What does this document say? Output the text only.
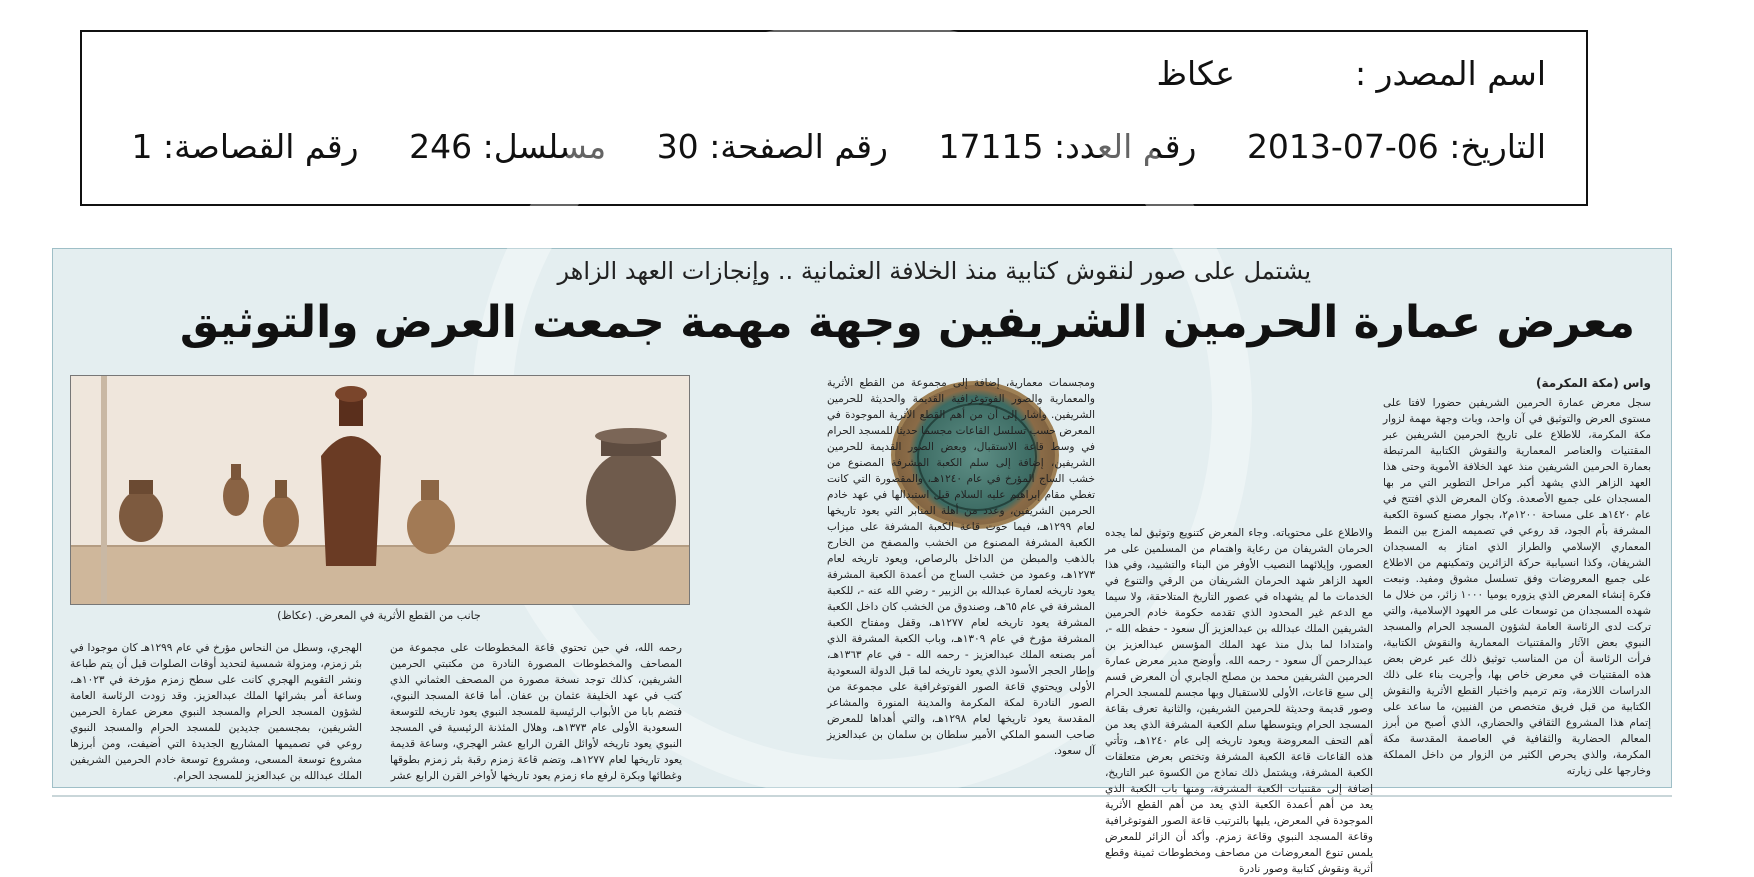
اسم المصدر :عكاظ
التاريخ: 2013-07-06 رقم العدد: 17115 رقم الصفحة: 30 مسلسل: 246 رقم القصاصة: 1
يشتمل على صور لنقوش كتابية منذ الخلافة العثمانية .. وإنجازات العهد الزاهر
معرض عمارة الحرمين الشريفين وجهة مهمة جمعت العرض والتوثيق

واس (مكة المكرمة)

سجل معرض عمارة الحرمين الشريفين حضورا لافتا على مستوى العرض والتوثيق في آن واحد، وبات وجهة مهمة لزوار مكة المكرمة، للاطلاع على تاريخ الحرمين الشريفين عبر المقتنيات والعناصر المعمارية والنقوش الكتابية المرتبطة بعمارة الحرمين الشريفين منذ عهد الخلافة الأموية وحتى هذا العهد الزاهر الذي يشهد أكبر مراحل التطوير التي مر بها المسجدان على جميع الأصعدة. وكان المعرض الذي افتتح في عام ١٤٢٠هـ على مساحة ١٢٠٠م٢، بجوار مصنع كسوة الكعبة المشرفة بأم الجود، قد روعي في تصميمه المزج بين النمط المعماري الإسلامي والطراز الذي امتاز به المسجدان الشريفان، وكذا انسيابية حركة الزائرين وتمكينهم من الاطلاع على جميع المعروضات وفق تسلسل مشوق ومفيد. ونبعت فكرة إنشاء المعرض الذي يزوره يوميا ١٠٠٠ زائر، من خلال ما شهده المسجدان من توسعات على مر العهود الإسلامية، والتي تركت لدى الرئاسة العامة لشؤون المسجد الحرام والمسجد النبوي بعض الآثار والمقتنيات المعمارية والنقوش الكتابية، فرأت الرئاسة أن من المناسب توثيق ذلك عبر عرض بعض هذه المقتنيات في معرض خاص بها، وأجريت بناء على ذلك الدراسات اللازمة، وتم ترميم واختيار القطع الأثرية والنقوش الكتابية من قبل فريق متخصص من الفنيين، ما ساعد على إتمام هذا المشروع الثقافي والحضاري، الذي أصبح من أبرز المعالم الحضارية والثقافية في العاصمة المقدسة مكة المكرمة، والذي يحرص الكثير من الزوار من داخل المملكة وخارجها على زيارته

والاطلاع على محتوياته. وجاء المعرض كتنويع وتوثيق لما يجده الحرمان الشريفان من رعاية واهتمام من المسلمين على مر العصور، وإيلائهما النصيب الأوفر من البناء والتشييد، وفي هذا العهد الزاهر شهد الحرمان الشريفان من الرقي والتنوع في الخدمات ما لم يشهداه في عصور التاريخ المتلاحقة، ولا سيما مع الدعم غير المحدود الذي تقدمه حكومة خادم الحرمين الشريفين الملك عبدالله بن عبدالعزيز آل سعود - حفظه الله -، وامتدادا لما بذل منذ عهد الملك المؤسس عبدالعزيز بن عبدالرحمن آل سعود - رحمه الله. وأوضح مدير معرض عمارة الحرمين الشريفين محمد بن مصلح الجابري أن المعرض قسم إلى سبع قاعات، الأولى للاستقبال وبها مجسم للمسجد الحرام وصور قديمة وحديثة للحرمين الشريفين، والثانية تعرف بقاعة المسجد الحرام ويتوسطها سلم الكعبة المشرفة الذي يعد من أهم التحف المعروضة ويعود تاريخه إلى عام ١٢٤٠هـ، وتأتي هذه القاعات قاعة الكعبة المشرفة وتختص بعرض متعلقات الكعبة المشرفة، ويشتمل ذلك نماذج من الكسوة عبر التاريخ، إضافة إلى مقتنيات الكعبة المشرفة، ومنها باب الكعبة الذي يعد من أهم أعمدة الكعبة الذي يعد من أهم القطع الأثرية الموجودة في المعرض، يليها بالترتيب قاعة الصور الفوتوغرافية وقاعة المسجد النبوي وقاعة زمزم. وأكد أن الزائر للمعرض يلمس تنوع المعروضات من مصاحف ومخطوطات ثمينة وقطع أثرية ونقوش كتابية وصور نادرة

ومجسمات معمارية، إضافة إلى مجموعة من القطع الأثرية والمعمارية والصور الفوتوغرافية القديمة والحديثة للحرمين الشريفين. وأشار إلى أن من أهم القطع الأثرية الموجودة في المعرض حسب تسلسل القاعات مجسما حديثا للمسجد الحرام في وسط قاعة الاستقبال، وبعض الصور القديمة للحرمين الشريفين، إضافة إلى سلم الكعبة المشرفة المصنوع من خشب الساج المؤرخ في عام ١٢٤٠هـ، والمقصورة التي كانت تغطي مقام إبراهيم عليه السلام قبل استبدالها في عهد خادم الحرمين الشريفين، وعدد من أهلة المنابر التي يعود تاريخها لعام ١٢٩٩هـ، فيما حوت قاعة الكعبة المشرفة على ميزاب الكعبة المشرفة المصنوع من الخشب والمصفح من الخارج بالذهب والمبطن من الداخل بالرصاص، ويعود تاريخه لعام ١٢٧٣هـ، وعمود من خشب الساج من أعمدة الكعبة المشرفة يعود تاريخه لعمارة عبدالله بن الزبير - رضي الله عنه -، للكعبة المشرفة في عام ٦٥هـ، وصندوق من الخشب كان داخل الكعبة المشرفة يعود تاريخه لعام ١٢٧٧هـ، وقفل ومفتاح الكعبة المشرفة مؤرخ في عام ١٣٠٩هـ، وباب الكعبة المشرفة الذي أمر بصنعه الملك عبدالعزيز - رحمه الله - في عام ١٣٦٣هـ، وإطار الحجر الأسود الذي يعود تاريخه لما قبل الدولة السعودية الأولى ويحتوي قاعة الصور الفوتوغرافية على مجموعة من الصور النادرة لمكة المكرمة والمدينة المنورة والمشاعر المقدسة يعود تاريخها لعام ١٢٩٨هـ، والتي أهداها للمعرض صاحب السمو الملكي الأمير سلطان بن سلمان بن عبدالعزيز آل سعود.

جانب من القطع الأثرية في المعرض. (عكاظ)

رحمه الله، في حين تحتوي قاعة المخطوطات على مجموعة من المصاحف والمخطوطات المصورة النادرة من مكتبتي الحرمين الشريفين، كذلك توجد نسخة مصورة من المصحف العثماني الذي كتب في عهد الخليفة عثمان بن عفان. أما قاعة المسجد النبوي، فتضم بابا من الأبواب الرئيسية للمسجد النبوي يعود تاريخه للتوسعة السعودية الأولى عام ١٣٧٣هـ، وهلال المئذنة الرئيسية في المسجد النبوي يعود تاريخه لأوائل القرن الرابع عشر الهجري، وساعة قديمة يعود تاريخها لعام ١٢٧٧هـ، وتضم قاعة زمزم رقبة بئر زمزم بطوقها وغطائها وبكرة لرفع ماء زمزم يعود تاريخها لأواخر القرن الرابع عشر

الهجري، وسطل من النحاس مؤرخ في عام ١٢٩٩هـ كان موجودا في بئر زمزم، ومزولة شمسية لتحديد أوقات الصلوات قبل أن يتم طباعة ونشر التقويم الهجري كانت على سطح زمزم مؤرخة في ١٠٢٣هـ، وساعة أمر بشرائها الملك عبدالعزيز. وقد زودت الرئاسة العامة لشؤون المسجد الحرام والمسجد النبوي معرض عمارة الحرمين الشريفين، بمجسمين جديدين للمسجد الحرام والمسجد النبوي روعي في تصميمها المشاريع الجديدة التي أضيفت، ومن أبرزها مشروع توسعة المسعى، ومشروع توسعة خادم الحرمين الشريفين الملك عبدالله بن عبدالعزيز للمسجد الحرام.
